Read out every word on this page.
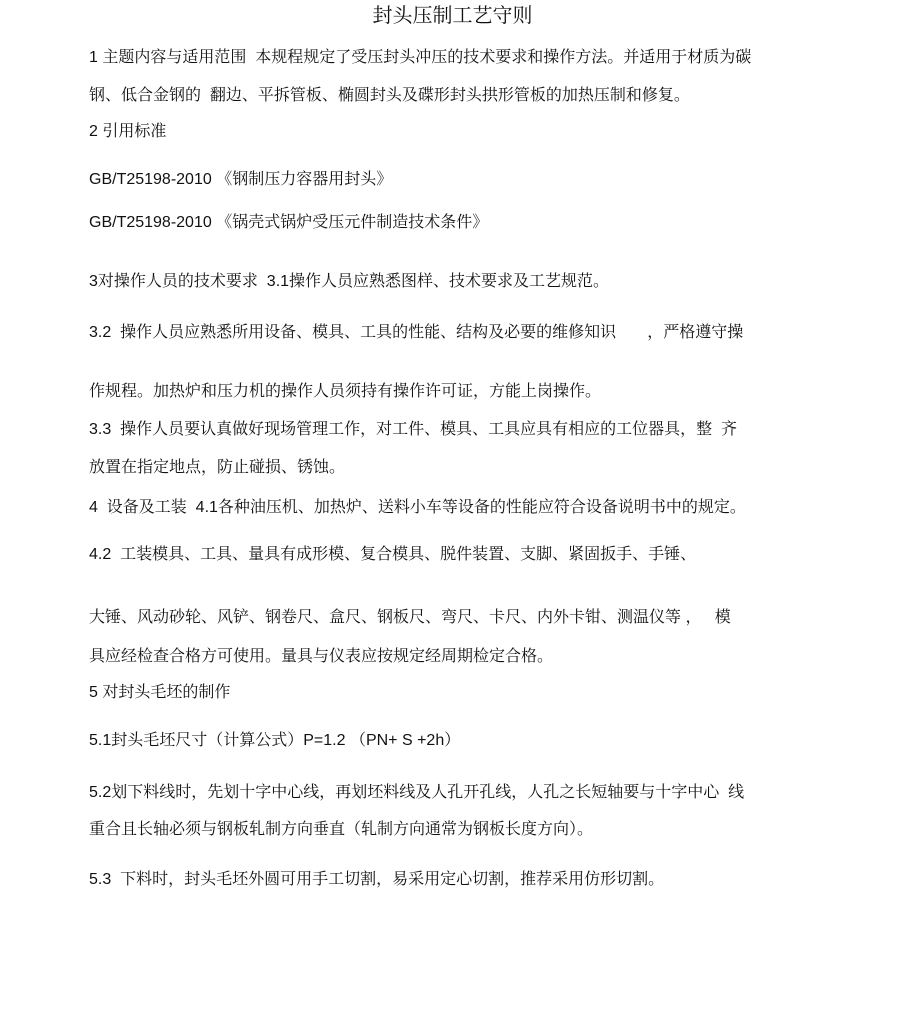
封头压制工艺守则
1 主题内容与适用范围  本规程规定了受压封头冲压的技术要求和操作方法。并适用于材质为碳
钢、低合金钢的  翻边、平拆管板、椭圆封头及碟形封头拱形管板的加热压制和修复。
2 引用标准
GB/T25198-2010 《钢制压力容器用封头》
GB/T25198-2010 《锅壳式锅炉受压元件制造技术条件》
3对操作人员的技术要求  3.1操作人员应熟悉图样、技术要求及工艺规范。
3.2  操作人员应熟悉所用设备、模具、工具的性能、结构及必要的维修知识       ，严格遵守操
作规程。加热炉和压力机的操作人员须持有操作许可证，方能上岗操作。
3.3  操作人员要认真做好现场管理工作，对工件、模具、工具应具有相应的工位器具，整  齐
放置在指定地点，防止碰损、锈蚀。
4  设备及工装  4.1各种油压机、加热炉、送料小车等设备的性能应符合设备说明书中的规定。
4.2  工装模具、工具、量具有成形模、复合模具、脱件装置、支脚、紧固扳手、手锤、
大锤、风动砂轮、风铲、钢卷尺、盒尺、钢板尺、弯尺、卡尺、内外卡钳、测温仪等 ，   模
具应经检查合格方可使用。量具与仪表应按规定经周期检定合格。
5 对封头毛坯的制作
5.1封头毛坯尺寸（计算公式）P=1.2 （PN+ S +2h）
5.2划下料线时，先划十字中心线，再划坯料线及人孔开孔线，人孔之长短轴要与十字中心  线
重合且长轴必须与钢板轧制方向垂直（轧制方向通常为钢板长度方向）。
5.3  下料时，封头毛坯外圆可用手工切割，易采用定心切割，推荐采用仿形切割。
